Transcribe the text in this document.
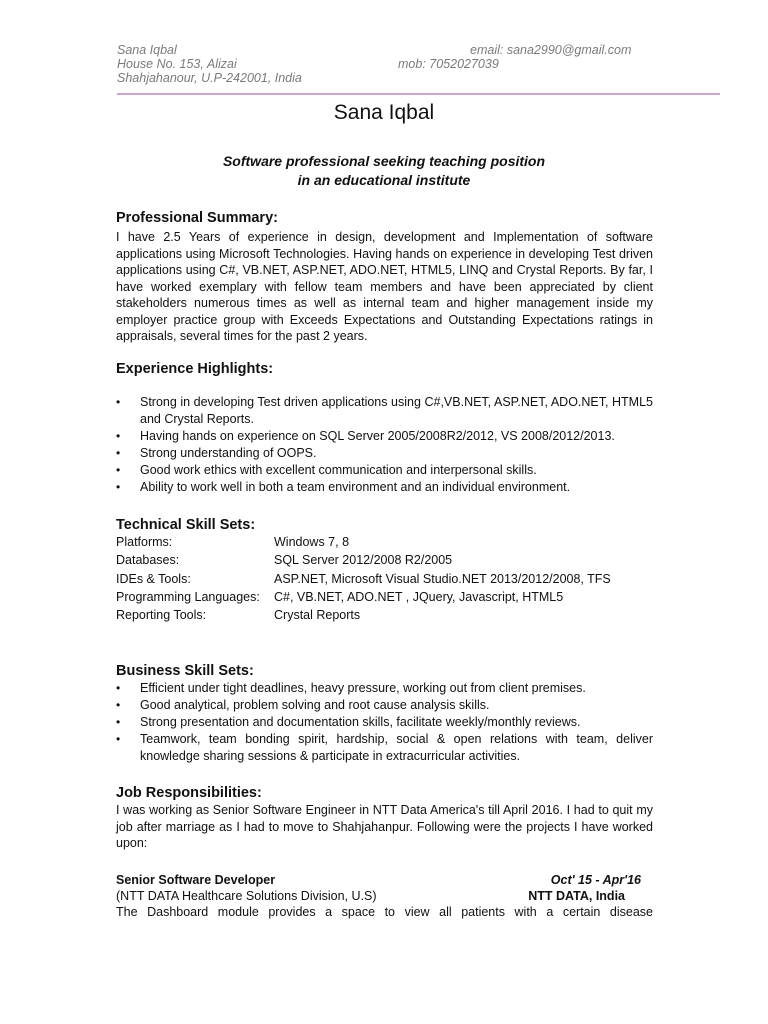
Sana Iqbal
House No. 153, Alizai
Shahjahanour, U.P-242001, India
email: sana2990@gmail.com
mob: 7052027039
Sana Iqbal
Software professional seeking teaching position
in an educational institute
Professional Summary:

I have 2.5 Years of experience in design, development and Implementation of software applications using Microsoft Technologies. Having hands on experience in developing Test driven applications using C#, VB.NET, ASP.NET, ADO.NET, HTML5, LINQ and Crystal Reports. By far, I have worked exemplary with fellow team members and have been appreciated by client stakeholders numerous times as well as internal team and higher management inside my employer practice group with Exceeds Expectations and Outstanding Expectations ratings in appraisals, several times for the past 2 years.

Experience Highlights:
• Strong in developing Test driven applications using C#,VB.NET, ASP.NET, ADO.NET, HTML5 and Crystal Reports.
• Having hands on experience on SQL Server 2005/2008R2/2012, VS 2008/2012/2013.
• Strong understanding of OOPS.
• Good work ethics with excellent communication and interpersonal skills.
• Ability to work well in both a team environment and an individual environment.
Technical Skill Sets:
Platforms:	Windows 7, 8
Databases:	SQL Server 2012/2008 R2/2005
IDEs & Tools:	ASP.NET, Microsoft Visual Studio.NET 2013/2012/2008, TFS
Programming Languages:	C#, VB.NET, ADO.NET , JQuery, Javascript, HTML5
Reporting Tools:	Crystal Reports
Business Skill Sets:
• Efficient under tight deadlines, heavy pressure, working out from client premises.
• Good analytical, problem solving and root cause analysis skills.
• Strong presentation and documentation skills, facilitate weekly/monthly reviews.
• Teamwork, team bonding spirit, hardship, social & open relations with team, deliver knowledge sharing sessions & participate in extracurricular activities.
Job Responsibilities:

I was working as Senior Software Engineer in NTT Data America's till April 2016. I had to quit my job after marriage as I had to move to Shahjahanpur. Following were the projects I have worked upon:

Senior Software Developer	Oct' 15 - Apr'16
(NTT DATA Healthcare Solutions Division, U.S)	NTT DATA, India

The Dashboard module provides a space to view all patients with a certain disease
